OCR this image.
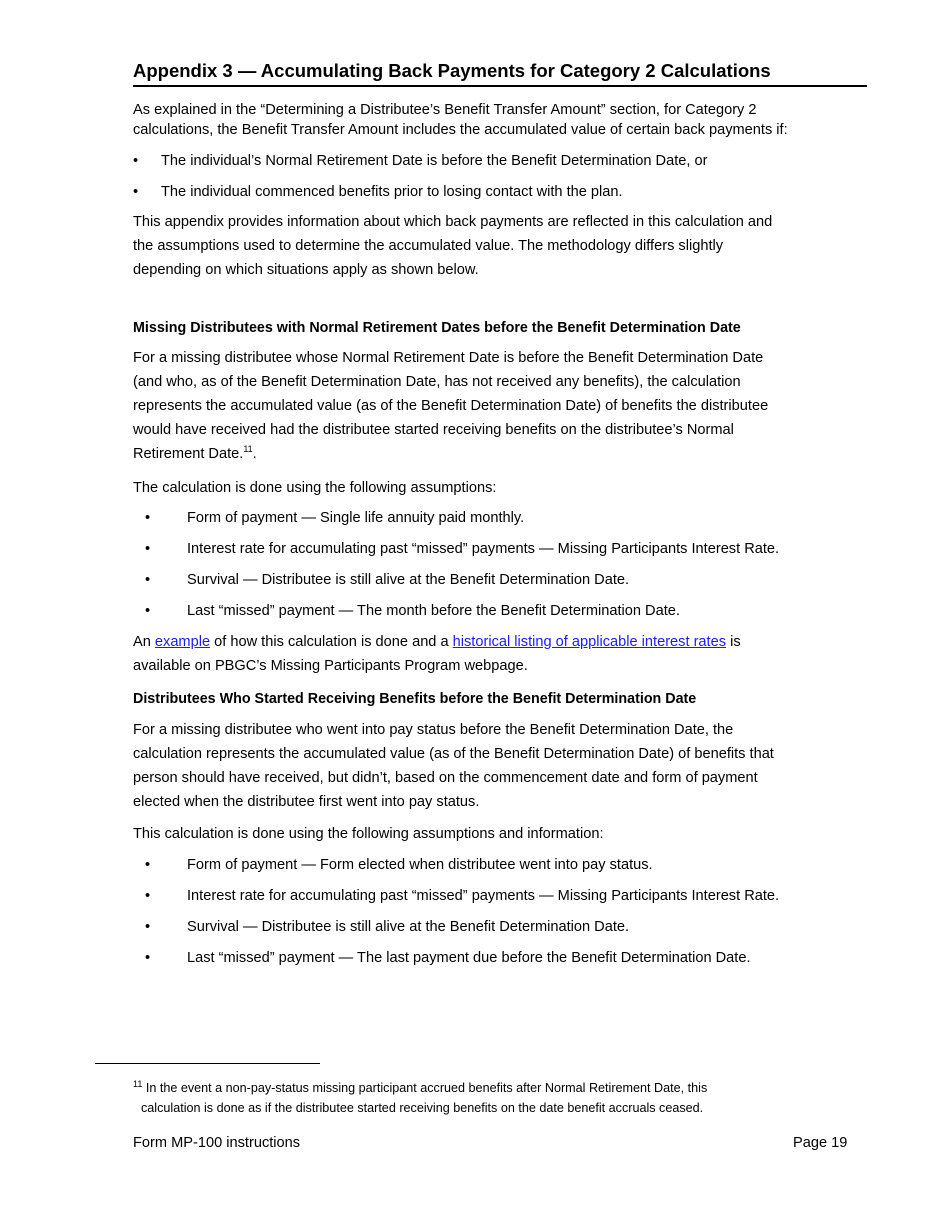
Appendix 3 — Accumulating Back Payments for Category 2 Calculations
As explained in the “Determining a Distributee’s Benefit Transfer Amount” section, for Category 2
calculations, the Benefit Transfer Amount includes the accumulated value of certain back payments if:
• The individual’s Normal Retirement Date is before the Benefit Determination Date, or
• The individual commenced benefits prior to losing contact with the plan.
This appendix provides information about which back payments are reflected in this calculation and
the assumptions used to determine the accumulated value. The methodology differs slightly
depending on which situations apply as shown below.
Missing Distributees with Normal Retirement Dates before the Benefit Determination Date
For a missing distributee whose Normal Retirement Date is before the Benefit Determination Date
(and who, as of the Benefit Determination Date, has not received any benefits), the calculation
represents the accumulated value (as of the Benefit Determination Date) of benefits the distributee
would have received had the distributee started receiving benefits on the distributee’s Normal
Retirement Date.$^{11}$.
The calculation is done using the following assumptions:
•	Form of payment — Single life annuity paid monthly.
•	Interest rate for accumulating past “missed” payments — Missing Participants Interest Rate.
•	Survival — Distributee is still alive at the Benefit Determination Date.
•	Last “missed” payment — The month before the Benefit Determination Date.
An example of how this calculation is done and a historical listing of applicable interest rates is
available on PBGC’s Missing Participants Program webpage.
Distributees Who Started Receiving Benefits before the Benefit Determination Date
For a missing distributee who went into pay status before the Benefit Determination Date, the
calculation represents the accumulated value (as of the Benefit Determination Date) of benefits that
person should have received, but didn’t, based on the commencement date and form of payment
elected when the distributee first went into pay status.
This calculation is done using the following assumptions and information:
•	Form of payment — Form elected when distributee went into pay status.
•	Interest rate for accumulating past “missed” payments — Missing Participants Interest Rate.
•	Survival — Distributee is still alive at the Benefit Determination Date.
•	Last “missed” payment — The last payment due before the Benefit Determination Date.
$^{11}$ In the event a non-pay-status missing participant accrued benefits after Normal Retirement Date, this
calculation is done as if the distributee started receiving benefits on the date benefit accruals ceased.
Form MP-100 instructions	Page 19
